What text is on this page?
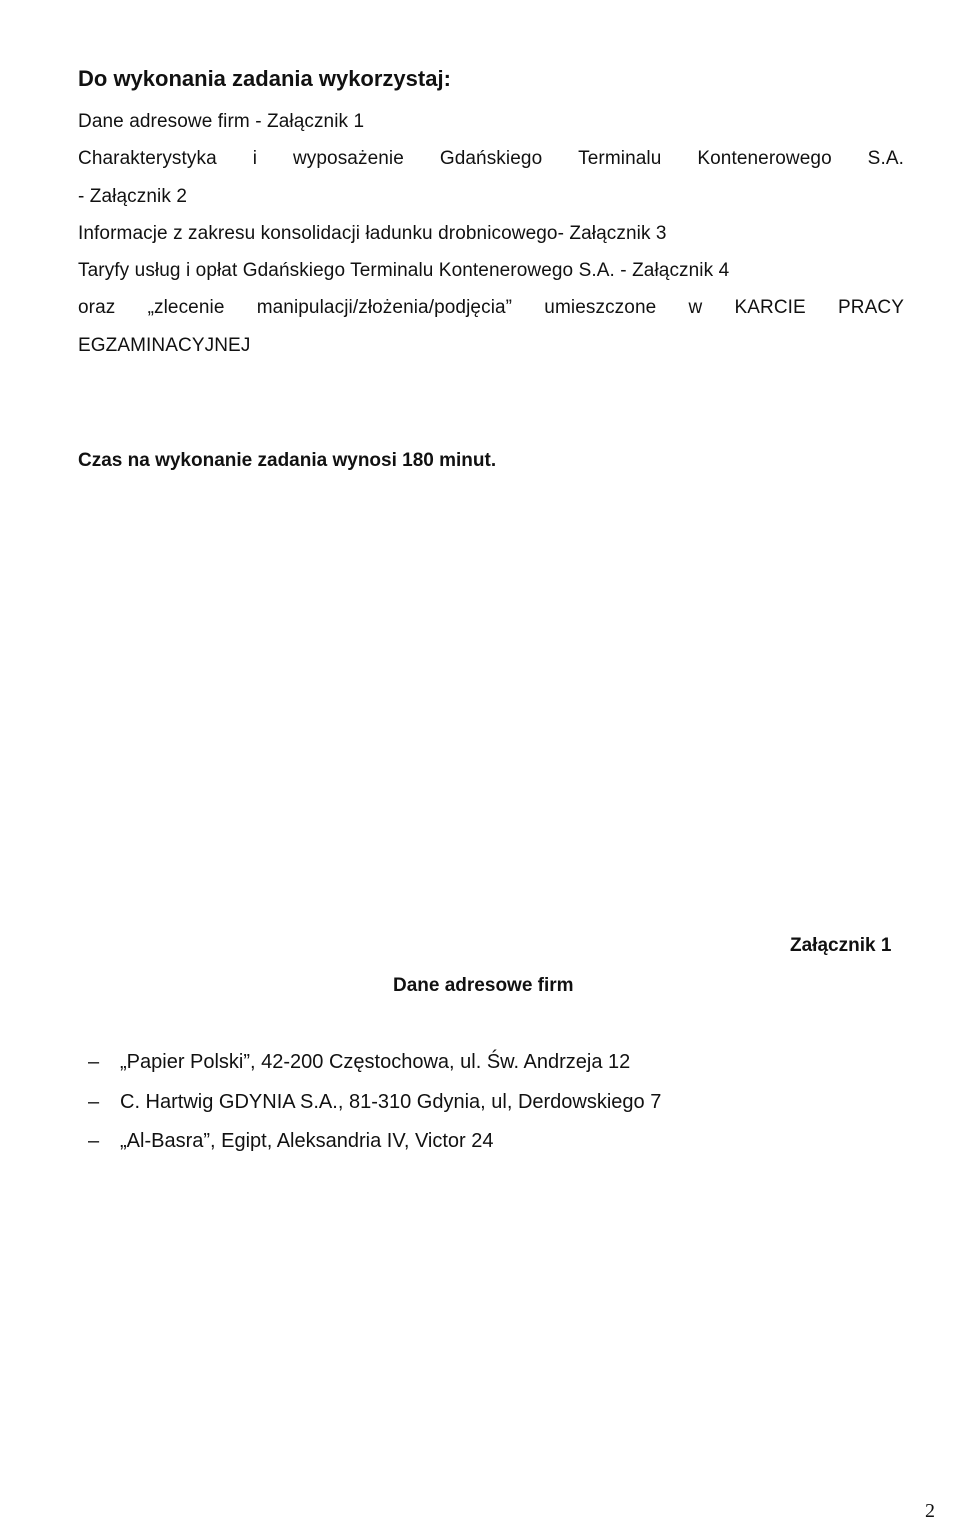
Do wykonania zadania wykorzystaj:
Dane adresowe firm - Załącznik 1
Charakterystyka i wyposażenie Gdańskiego Terminalu Kontenerowego S.A.
- Załącznik 2
Informacje z zakresu konsolidacji ładunku drobnicowego- Załącznik 3
Taryfy usług i opłat Gdańskiego Terminalu Kontenerowego S.A. - Załącznik 4
oraz „zlecenie manipulacji/złożenia/podjęcia” umieszczone w KARCIE PRACY
EGZAMINACYJNEJ
Czas na wykonanie zadania wynosi 180 minut.
Załącznik 1
Dane adresowe firm
– „Papier Polski”, 42-200 Częstochowa, ul. Św. Andrzeja 12
– C. Hartwig GDYNIA S.A., 81-310 Gdynia, ul, Derdowskiego 7
– „Al-Basra”, Egipt, Aleksandria IV, Victor 24
2
